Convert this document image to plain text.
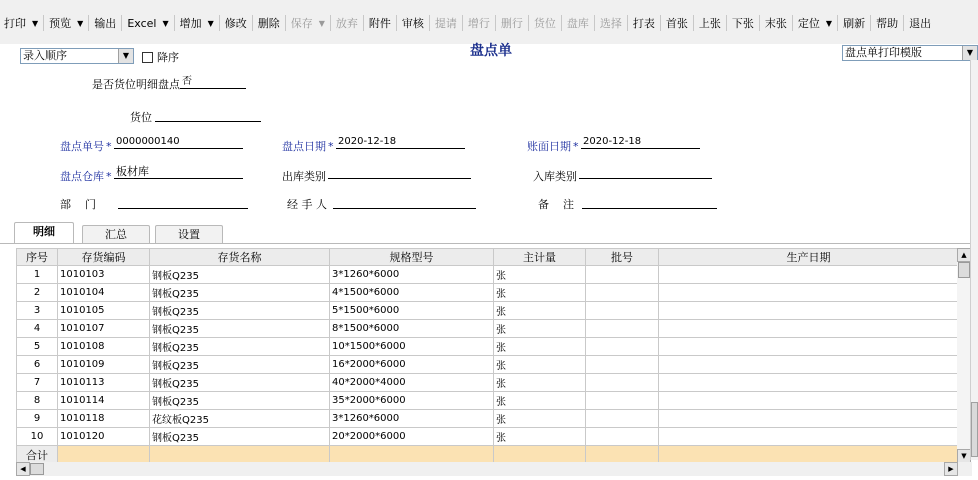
打印 ▼ 预览 ▼ 输出 Excel ▼ 增加 ▼ 修改 删除 保存 ▼ 放弃 附件 审核 提请 增行 删行 货位 盘库 选择 打表 首张 上张 下张 末张 定位 ▼ 刷新 帮助 退出
录入顺序	▼	降序	盘点单	盘点单打印模版	▼
是否货位明细盘点 否
货位
盘点单号 * 0000000140	盘点日期 * 2020-12-18	账面日期 * 2020-12-18
盘点仓库 * 板材库	出库类别	入库类别
部    门	经 手 人	备    注
明细	汇总	设置
序号	存货编码	存货名称	规格型号	主计量	批号	生产日期
1	1010103	钢板Q235	3*1260*6000	张		
2	1010104	钢板Q235	4*1500*6000	张		
3	1010105	钢板Q235	5*1500*6000	张		
4	1010107	钢板Q235	8*1500*6000	张		
5	1010108	钢板Q235	10*1500*6000	张		
6	1010109	钢板Q235	16*2000*6000	张		
7	1010113	钢板Q235	40*2000*4000	张		
8	1010114	钢板Q235	35*2000*6000	张		
9	1010118	花纹板Q235	3*1260*6000	张		
10	1010120	钢板Q235	20*2000*6000	张		
合计						
▲
▼
◀	▶
